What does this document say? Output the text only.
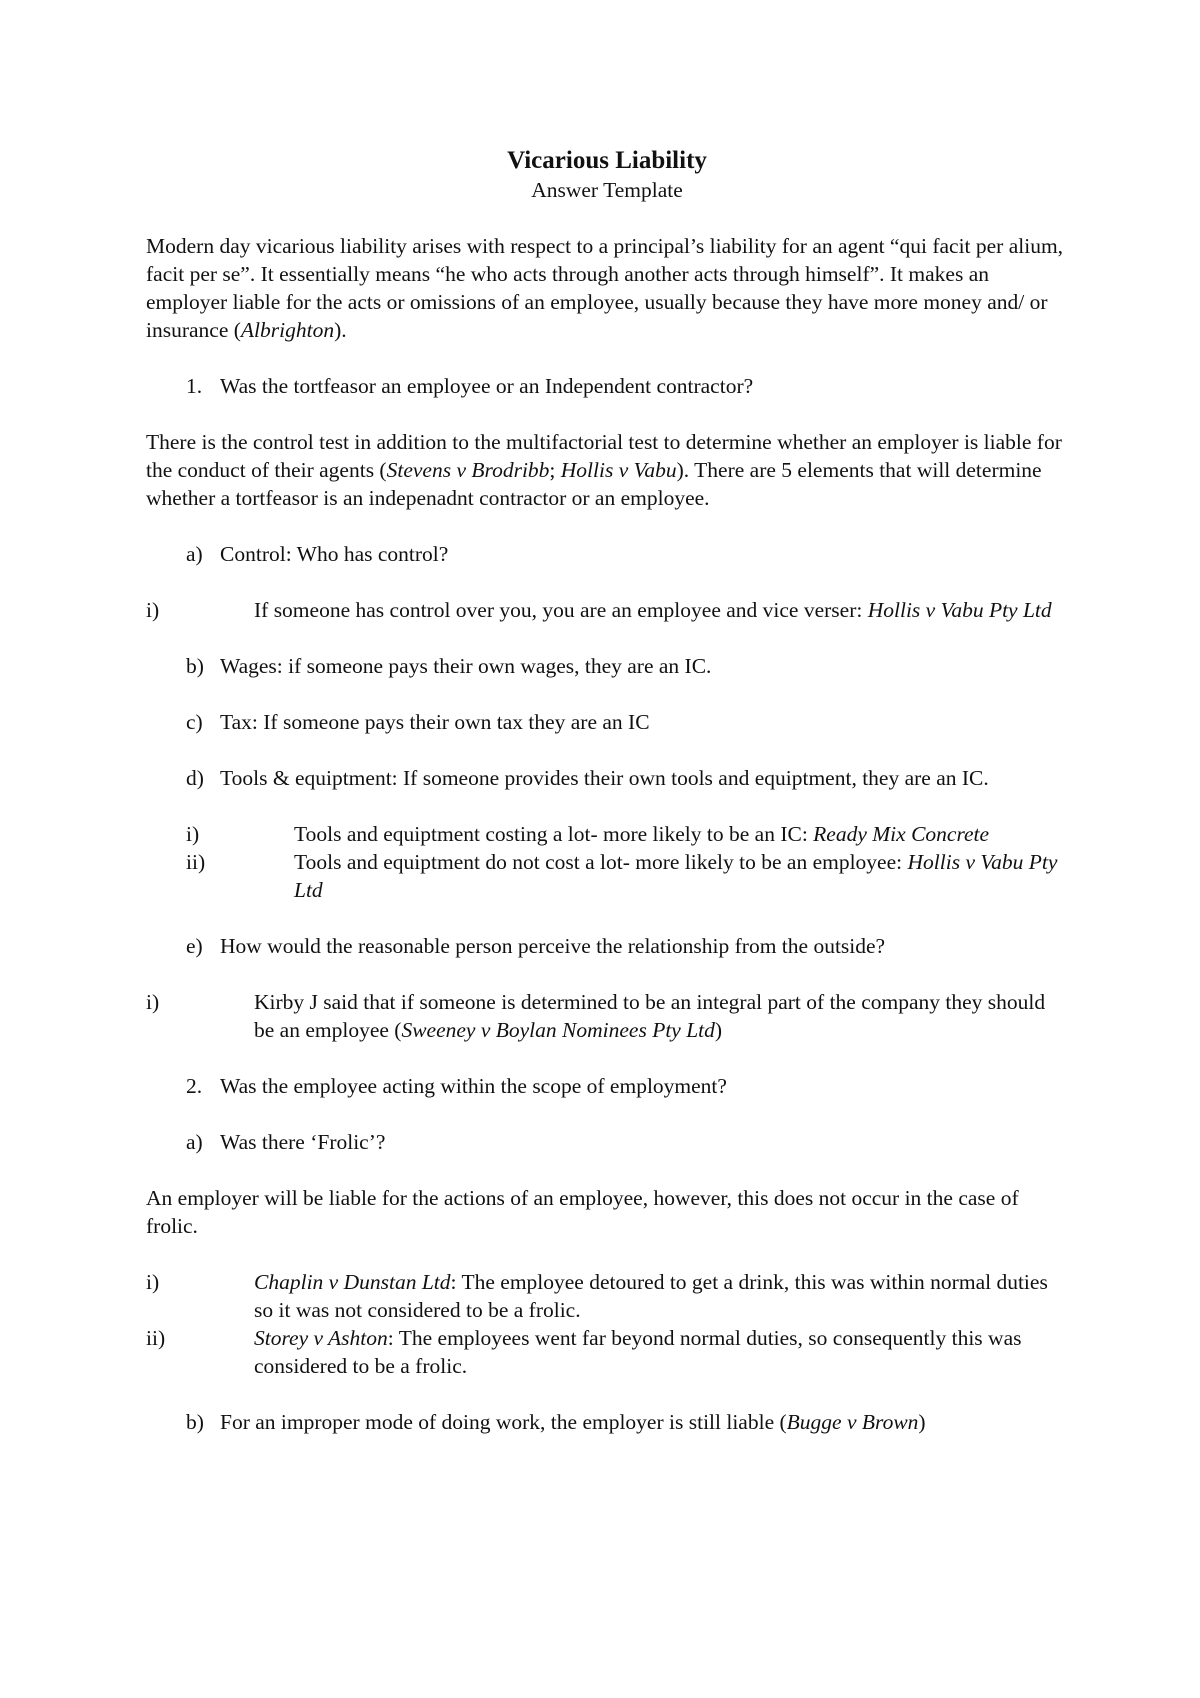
Vicarious Liability
Answer Template

Modern day vicarious liability arises with respect to a principal’s liability for an agent “qui facit per alium, facit per se”. It essentially means “he who acts through another acts through himself”. It makes an employer liable for the acts or omissions of an employee, usually because they have more money and/ or insurance (Albrighton).

1. Was the tortfeasor an employee or an Independent contractor?

There is the control test in addition to the multifactorial test to determine whether an employer is liable for the conduct of their agents (Stevens v Brodribb; Hollis v Vabu). There are 5 elements that will determine whether a tortfeasor is an indepenadnt contractor or an employee.

a) Control: Who has control?
i)	If someone has control over you, you are an employee and vice verser: Hollis v Vabu Pty Ltd
b) Wages: if someone pays their own wages, they are an IC.
c) Tax: If someone pays their own tax they are an IC
d) Tools & equiptment: If someone provides their own tools and equiptment, they are an IC.
i)	Tools and equiptment costing a lot- more likely to be an IC: Ready Mix Concrete
ii)	Tools and equiptment do not cost a lot- more likely to be an employee: Hollis v Vabu Pty Ltd
e) How would the reasonable person perceive the relationship from the outside?
i)	Kirby J said that if someone is determined to be an integral part of the company they should be an employee (Sweeney v Boylan Nominees Pty Ltd)
2. Was the employee acting within the scope of employment?
a) Was there ‘Frolic’?

An employer will be liable for the actions of an employee, however, this does not occur in the case of frolic.

i)	Chaplin v Dunstan Ltd: The employee detoured to get a drink, this was within normal duties so it was not considered to be a frolic.
ii)	Storey v Ashton: The employees went far beyond normal duties, so consequently this was considered to be a frolic.
b) For an improper mode of doing work, the employer is still liable (Bugge v Brown)
